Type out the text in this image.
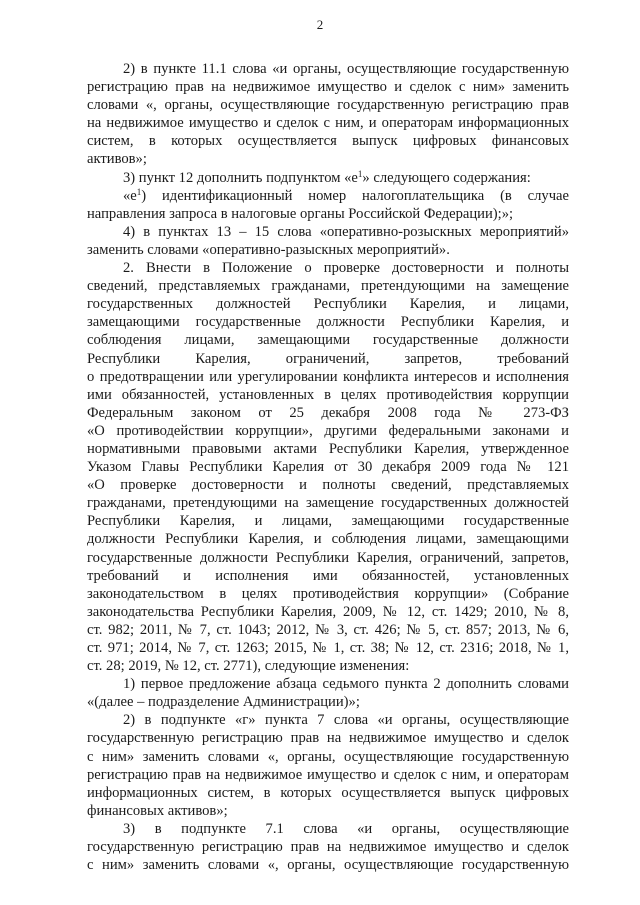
2
2) в пункте 11.1 слова «и органы, осуществляющие государственную
регистрацию прав на недвижимое имущество и сделок с ним» заменить
словами «, органы, осуществляющие государственную регистрацию прав
на недвижимое имущество и сделок с ним, и операторам информационных
систем, в которых осуществляется выпуск цифровых финансовых
активов»;
3) пункт 12 дополнить подпунктом «$е^1$» следующего содержания:
«$е^1$) идентификационный номер налогоплательщика (в случае
направления запроса в налоговые органы Российской Федерации);»;
4) в пунктах 13 – 15 слова «оперативно-розыскных мероприятий»
заменить словами «оперативно-разыскных мероприятий».
2. Внести в Положение о проверке достоверности и полноты
сведений, представляемых гражданами, претендующими на замещение
государственных должностей Республики Карелия, и лицами,
замещающими государственные должности Республики Карелия, и
соблюдения лицами, замещающими государственные должности
Республики Карелия, ограничений, запретов, требований
о предотвращении или урегулировании конфликта интересов и исполнения
ими обязанностей, установленных в целях противодействия коррупции
Федеральным законом от 25 декабря 2008 года № 273-ФЗ
«О противодействии коррупции», другими федеральными законами и
нормативными правовыми актами Республики Карелия, утвержденное
Указом Главы Республики Карелия от 30 декабря 2009 года № 121
«О проверке достоверности и полноты сведений, представляемых
гражданами, претендующими на замещение государственных должностей
Республики Карелия, и лицами, замещающими государственные
должности Республики Карелия, и соблюдения лицами, замещающими
государственные должности Республики Карелия, ограничений, запретов,
требований и исполнения ими обязанностей, установленных
законодательством в целях противодействия коррупции» (Собрание
законодательства Республики Карелия, 2009, № 12, ст. 1429; 2010, № 8,
ст. 982; 2011, № 7, ст. 1043; 2012, № 3, ст. 426; № 5, ст. 857; 2013, № 6,
ст. 971; 2014, № 7, ст. 1263; 2015, № 1, ст. 38; № 12, ст. 2316; 2018, № 1,
ст. 28; 2019, № 12, ст. 2771), следующие изменения:
1) первое предложение абзаца седьмого пункта 2 дополнить словами
«(далее – подразделение Администрации)»;
2) в подпункте «г» пункта 7 слова «и органы, осуществляющие
государственную регистрацию прав на недвижимое имущество и сделок
с ним» заменить словами «, органы, осуществляющие государственную
регистрацию прав на недвижимое имущество и сделок с ним, и операторам
информационных систем, в которых осуществляется выпуск цифровых
финансовых активов»;
3) в подпункте 7.1 слова «и органы, осуществляющие
государственную регистрацию прав на недвижимое имущество и сделок
с ним» заменить словами «, органы, осуществляющие государственную
